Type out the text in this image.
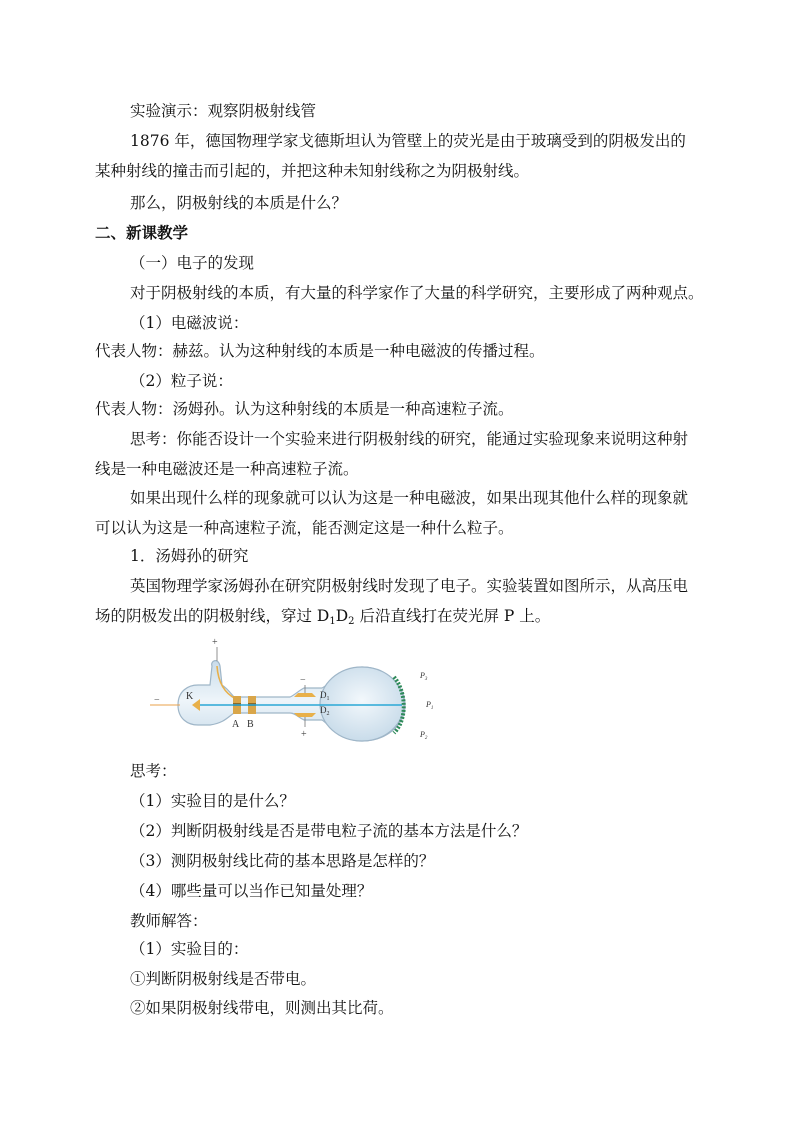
实验演示：观察阴极射线管
1876 年，德国物理学家戈德斯坦认为管壁上的荧光是由于玻璃受到的阴极发出的
某种射线的撞击而引起的，并把这种未知射线称之为阴极射线。
那么，阴极射线的本质是什么？
二、新课教学
（一）电子的发现
对于阴极射线的本质，有大量的科学家作了大量的科学研究，主要形成了两种观点。
（1）电磁波说：
代表人物：赫兹。认为这种射线的本质是一种电磁波的传播过程。
（2）粒子说：
代表人物：汤姆孙。认为这种射线的本质是一种高速粒子流。
思考：你能否设计一个实验来进行阴极射线的研究，能通过实验现象来说明这种射
线是一种电磁波还是一种高速粒子流。
如果出现什么样的现象就可以认为这是一种电磁波，如果出现其他什么样的现象就
可以认为这是一种高速粒子流，能否测定这是一种什么粒子。
1．汤姆孙的研究
英国物理学家汤姆孙在研究阴极射线时发现了电子。实验装置如图所示，从高压电
场的阴极发出的阴极射线，穿过 $D_1D_2$ 后沿直线打在荧光屏 P 上。
+
−	K
A B
−
+
$D_1$
$D_2$
$P_3$
$P_1$
$P_2$
思考：
（1）实验目的是什么？
（2）判断阴极射线是否是带电粒子流的基本方法是什么？
（3）测阴极射线比荷的基本思路是怎样的？
（4）哪些量可以当作已知量处理？
教师解答：
（1）实验目的：
①判断阴极射线是否带电。
②如果阴极射线带电，则测出其比荷。
